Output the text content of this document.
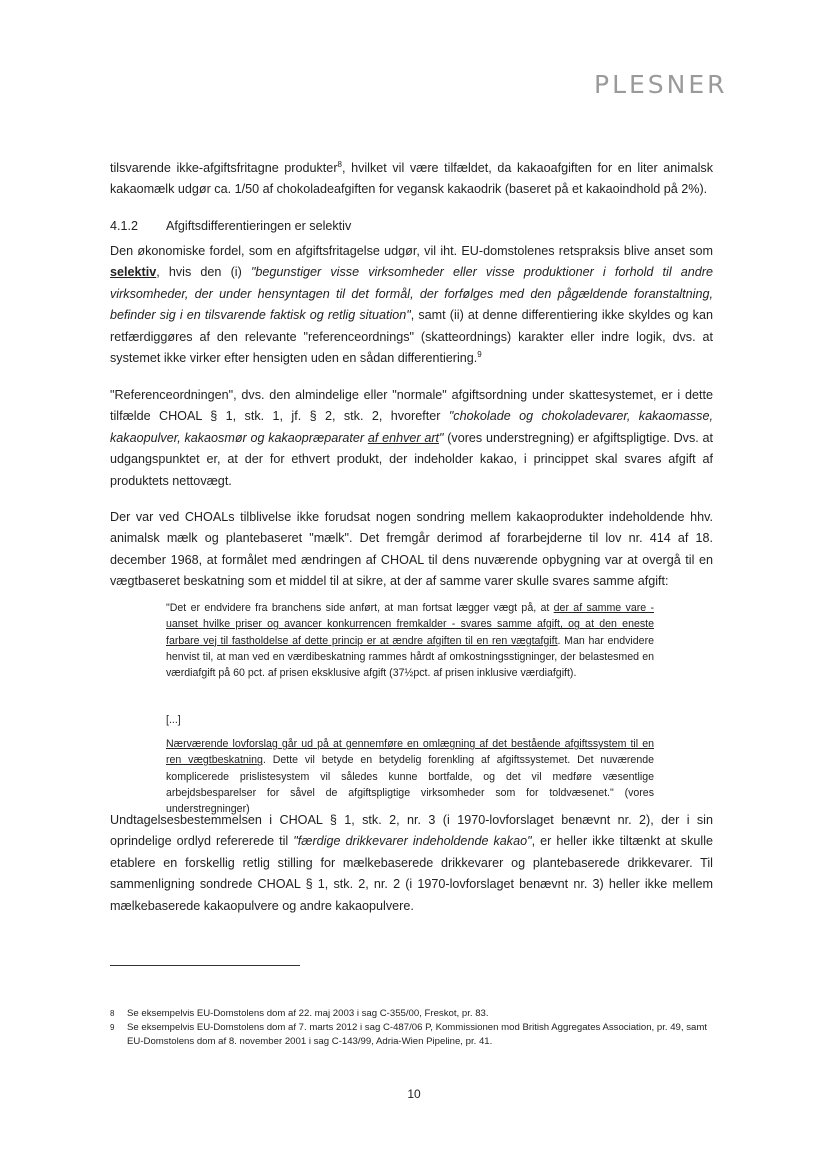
PLESNER

tilsvarende ikke-afgiftsfritagne produkter$^8$, hvilket vil være tilfældet, da kakaoafgiften for en liter animalsk kakaomælk udgør ca. 1/50 af chokoladeafgiften for vegansk kakaodrik (baseret på et kakaoindhold på 2%).

4.1.2 Afgiftsdifferentieringen er selektiv

Den økonomiske fordel, som en afgiftsfritagelse udgør, vil iht. EU-domstolenes retspraksis blive anset som selektiv, hvis den (i) "begunstiger visse virksomheder eller visse produktioner i forhold til andre virksomheder, der under hensyntagen til det formål, der forfølges med den pågældende foranstaltning, befinder sig i en tilsvarende faktisk og retlig situation", samt (ii) at denne differentiering ikke skyldes og kan retfærdiggøres af den relevante "referenceordnings" (skatteordnings) karakter eller indre logik, dvs. at systemet ikke virker efter hensigten uden en sådan differentiering.$^9$

"Referenceordningen", dvs. den almindelige eller "normale" afgiftsordning under skattesystemet, er i dette tilfælde CHOAL § 1, stk. 1, jf. § 2, stk. 2, hvorefter "chokolade og chokoladevarer, kakaomasse, kakaopulver, kakaosmør og kakaopræparater af enhver art" (vores understregning) er afgiftspligtige. Dvs. at udgangspunktet er, at der for ethvert produkt, der indeholder kakao, i princippet skal svares afgift af produktets nettovægt.

Der var ved CHOALs tilblivelse ikke forudsat nogen sondring mellem kakaoprodukter indeholdende hhv. animalsk mælk og plantebaseret "mælk". Det fremgår derimod af forarbejderne til lov nr. 414 af 18. december 1968, at formålet med ændringen af CHOAL til dens nuværende opbygning var at overgå til en vægtbaseret beskatning som et middel til at sikre, at der af samme varer skulle svares samme afgift:

"Det er endvidere fra branchens side anført, at man fortsat lægger vægt på, at der af samme vare - uanset hvilke priser og avancer konkurrencen fremkalder - svares samme afgift, og at den eneste farbare vej til fastholdelse af dette princip er at ændre afgiften til en ren vægtafgift. Man har endvidere henvist til, at man ved en værdibeskatning rammes hårdt af omkostningsstigninger, der belastesmed en værdiafgift på 60 pct. af prisen eksklusive afgift (37½pct. af prisen inklusive værdiafgift).

[...]

Nærværende lovforslag går ud på at gennemføre en omlægning af det bestående afgiftssystem til en ren vægtbeskatning. Dette vil betyde en betydelig forenkling af afgiftssystemet. Det nuværende komplicerede prislistesystem vil således kunne bortfalde, og det vil medføre væsentlige arbejdsbesparelser for såvel de afgiftspligtige virksomheder som for toldvæsenet." (vores understregninger)

Undtagelsesbestemmelsen i CHOAL § 1, stk. 2, nr. 3 (i 1970-lovforslaget benævnt nr. 2), der i sin oprindelige ordlyd refererede til "færdige drikkevarer indeholdende kakao", er heller ikke tiltænkt at skulle etablere en forskellig retlig stilling for mælkebaserede drikkevarer og plantebaserede drikkevarer. Til sammenligning sondrede CHOAL § 1, stk. 2, nr. 2 (i 1970-lovforslaget benævnt nr. 3) heller ikke mellem mælkebaserede kakaopulvere og andre kakaopulvere.

8 Se eksempelvis EU-Domstolens dom af 22. maj 2003 i sag C-355/00, Freskot, pr. 83.
9 Se eksempelvis EU-Domstolens dom af 7. marts 2012 i sag C-487/06 P, Kommissionen mod British Aggregates Association, pr. 49, samt EU-Domstolens dom af 8. november 2001 i sag C-143/99, Adria-Wien Pipeline, pr. 41.
10
